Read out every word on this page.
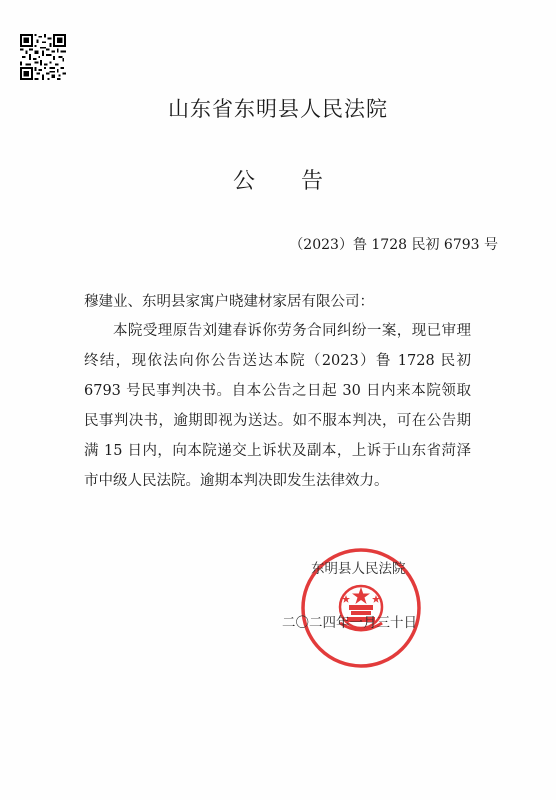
山东省东明县人民法院
公告
（2023）鲁 1728 民初 6793 号
穆建业、东明县家寓户晓建材家居有限公司：
本院受理原告刘建春诉你劳务合同纠纷一案，现已审理终结，现依法向你公告送达本院（2023）鲁 1728 民初 6793 号民事判决书。自本公告之日起 30 日内来本院领取民事判决书，逾期即视为送达。如不服本判决，可在公告期满 15 日内，向本院递交上诉状及副本，上诉于山东省菏泽市中级人民法院。逾期本判决即发生法律效力。
东明县人民法院
二〇二四年一月三十日
